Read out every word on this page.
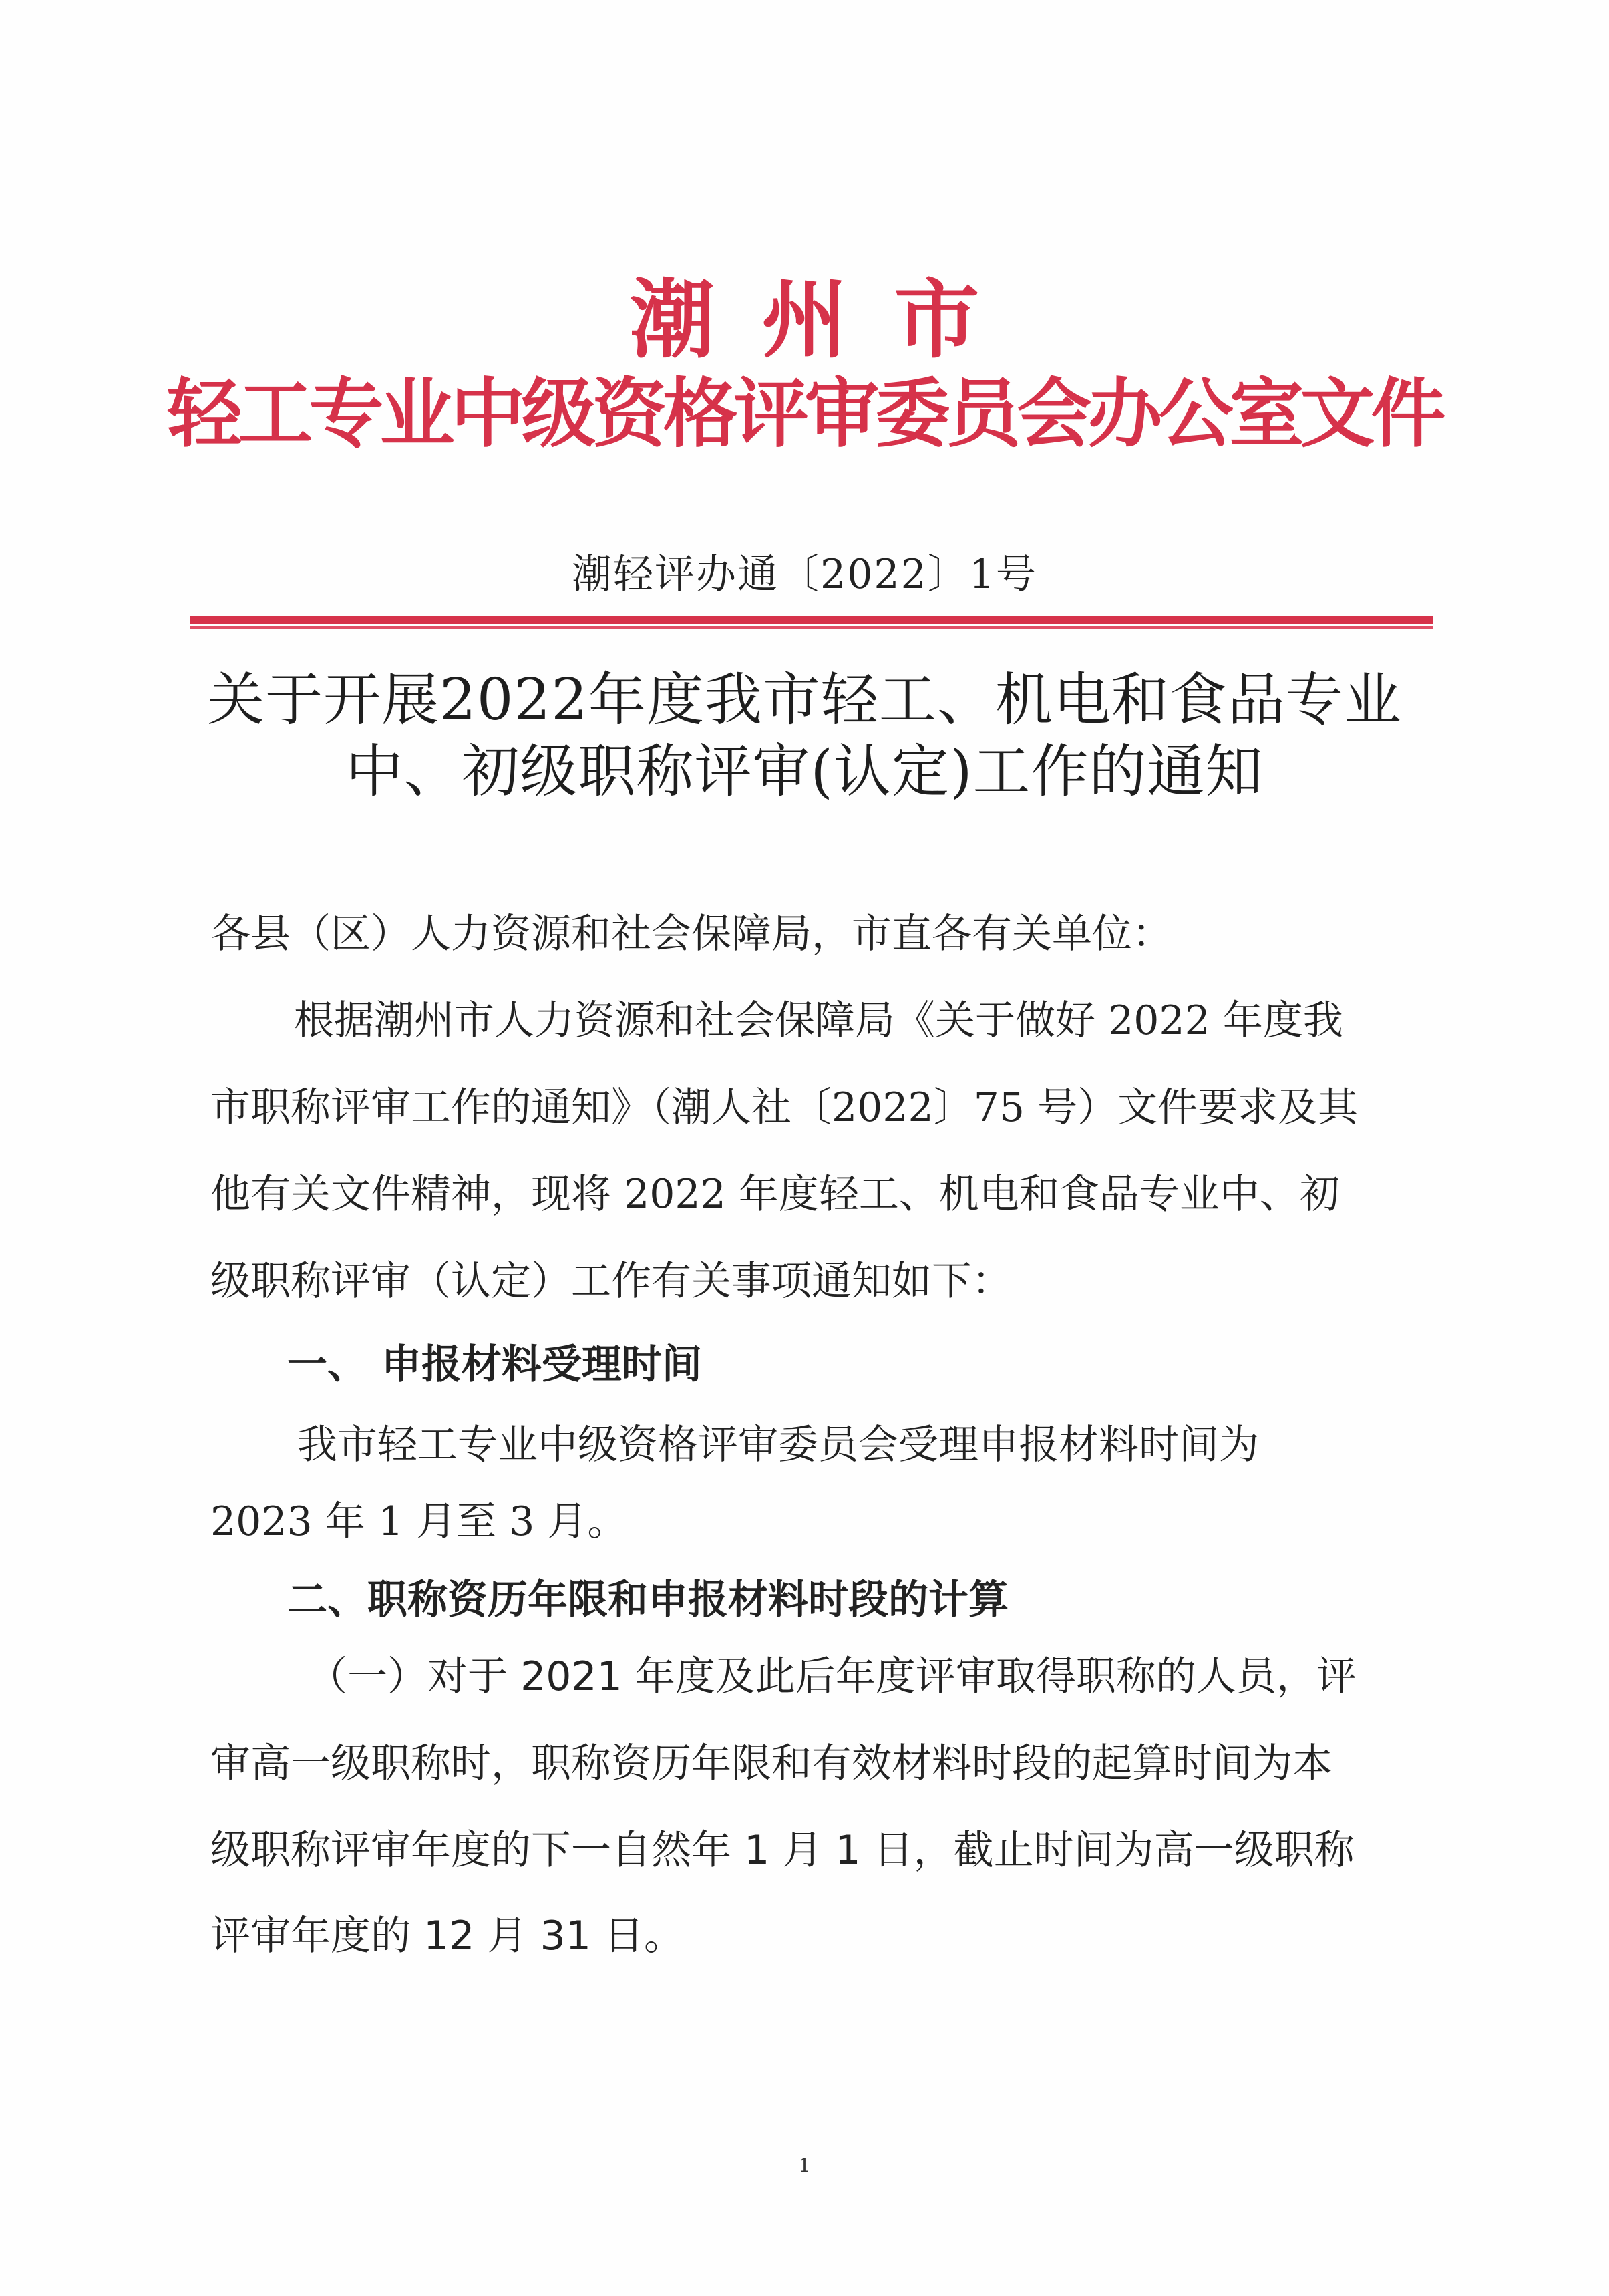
潮州市
轻工专业中级资格评审委员会办公室文件
潮轻评办通〔2022〕1号
关于开展2022年度我市轻工、机电和食品专业
中、初级职称评审(认定)工作的通知
各县（区）人力资源和社会保障局，市直各有关单位：
根据潮州市人力资源和社会保障局《关于做好 2022 年度我
市职称评审工作的通知》（潮人社〔2022〕75 号）文件要求及其
他有关文件精神，现将 2022 年度轻工、机电和食品专业中、初
级职称评审（认定）工作有关事项通知如下：
一、 申报材料受理时间
我市轻工专业中级资格评审委员会受理申报材料时间为
2023 年 1 月至 3 月。
二、职称资历年限和申报材料时段的计算
（一）对于 2021 年度及此后年度评审取得职称的人员，评
审高一级职称时，职称资历年限和有效材料时段的起算时间为本
级职称评审年度的下一自然年 1 月 1 日，截止时间为高一级职称
评审年度的 12 月 31 日。
1
